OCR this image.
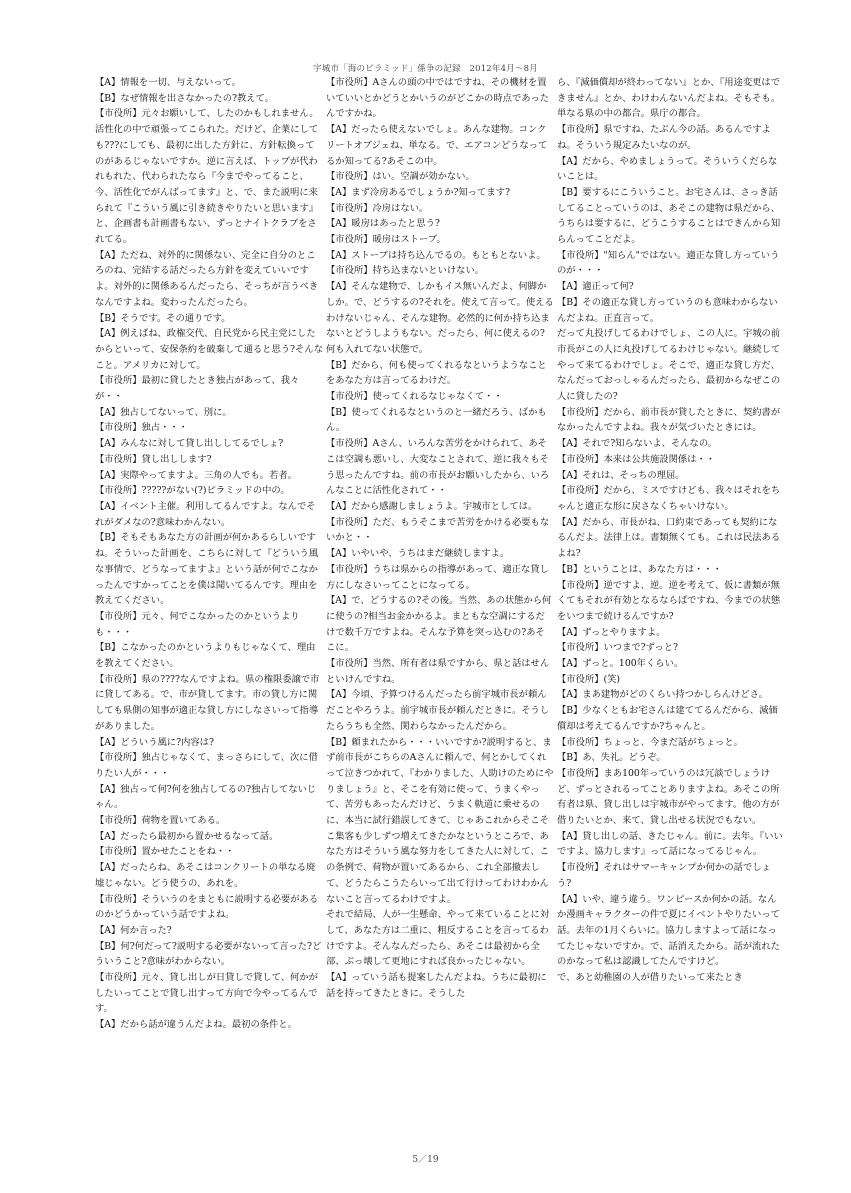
宇城市「海のピラミッド」係争の記録　2012年4月〜8月

【A】情報を一切、与えないって。

【B】なぜ情報を出さなかったの?教えて。

【市役所】元々お願いして、したのかもしれません。活性化の中で頑張ってこられた。だけど、企業にしても???にしても、最初に出した方針に、方針転換ってのがあるじゃないですか。逆に言えば、トップが代われもれた、代わられたなら『今までやってること、今、活性化でがんばってます』と、で、また説明に来られて『こういう風に引き続きやりたいと思います』と、企画書も計画書もない、ずっとナイトクラブをされてる。

【A】ただね、対外的に関係ない、完全に自分のところのね、完結する話だったら方針を変えていいですよ。対外的に関係あるんだったら、そっちが言うべきなんですよね。変わったんだったら。

【B】そうです。その通りです。

【A】例えばね、政権交代、自民党から民主党にしたからといって、安保条約を破棄して通ると思う?そんなこと。アメリカに対して。

【市役所】最初に貸したとき独占があって、我々が・・

【A】独占してないって、別に。

【市役所】独占・・・

【A】みんなに対して貸し出ししてるでしょ?

【市役所】貸し出しします?

【A】実際やってますよ。三角の人でも。若者。

【市役所】?????がない(?)ピラミッドの中の。

【A】イベント主催。利用してるんですよ。なんでそれがダメなの?意味わかんない。

【B】そもそもあなた方の計画が何かあるらしいですね。そういった計画を、こちらに対して『どういう風な事情で、どうなってますよ』という話が何でこなかったんですかってことを僕は聞いてるんです。理由を教えてください。

【市役所】元々、何でこなかったのかというよりも・・・

【B】こなかったのかというよりもじゃなくて、理由を教えてください。

【市役所】県の????なんですよね。県の権限委譲で市に貸してある。で、市が貸してます。市の貸し方に関しても県側の知事が適正な貸し方にしなさいって指導がありました。

【A】どういう風に?内容は?

【市役所】独占じゃなくて、まっさらにして、次に借りたい人が・・・

【A】独占って何?何を独占してるの?独占してないじゃん。

【市役所】荷物を置いてある。

【A】だったら最初から置かせるなって話。

【市役所】置かせたことをね・・

【A】だったらね、あそこはコンクリートの単なる廃墟じゃない。どう使うの、あれを。

【市役所】そういうのをまともに説明する必要があるのかどうかっていう話ですよね。

【A】何か言った?

【B】何?何だって?説明する必要がないって言った?どういうこと?意味がわからない。

【市役所】元々、貸し出しが日貸しで貸して、何かがしたいってことで貸し出すって方向で今やってるんです。

【A】だから話が違うんだよね。最初の条件と。

【市役所】Aさんの頭の中ではですね、その機材を置いていいとかどうとかいうのがどこかの時点であったんですかね。

【A】だったら使えないでしょ。あんな建物。コンクリートオブジェね、単なる。で、エアコンどうなってるか知ってる?あそこの中。

【市役所】はい。空調が効かない。

【A】まず冷房あるでしょうか?知ってます?

【市役所】冷房はない。

【A】暖房はあったと思う?

【市役所】暖房はストーブ。

【A】ストーブは持ち込んでるの。もともとないよ。

【市役所】持ち込まないといけない。

【A】そんな建物で、しかもイス無いんだよ、何脚かしか。で、どうするの?それを。使えて言って。使えるわけないじゃん、そんな建物。必然的に何か持ち込まないとどうしようもない。だったら、何に使えるの?何も入れてない状態で。

【B】だから、何も使ってくれるなというようなことをあなた方は言ってるわけだ。

【市役所】使ってくれるなじゃなくて・・

【B】使ってくれるなというのと一緒だろう、ばかもん。

【市役所】Aさん、いろんな苦労をかけられて、あそこは空調も悪いし、大変なことされて、逆に我々もそう思ったんですね。前の市長がお願いしたから、いろんなことに活性化されて・・

【A】だから感謝しましょうよ。宇城市としては。

【市役所】ただ、もうそこまで苦労をかける必要もないかと・・

【A】いやいや、うちはまだ継続しますよ。

【市役所】うちは県からの指導があって、適正な貸し方にしなさいってことになってる。

【A】で、どうするの?その後。当然、あの状態から何に使うの?相当お金かかるよ。まともな空調にするだけで数千万ですよね。そんな予算を突っ込むの?あそこに。

【市役所】当然、所有者は県ですから、県と話はせんといけんですね。

【A】今頃、予算つけるんだったら前宇城市長が頼んだことやろうよ。前宇城市長が頼んだときに。そうしたらうちも全然、関わらなかったんだから。

【B】頼まれたから・・・いいですか?説明すると、まず前市長がこちらのAさんに頼んで、何とかしてくれって泣きつかれて、『わかりました、人助けのためにやりましょう』と、そこを有効に使って、うまくやって、苦労もあったんだけど、うまく軌道に乗せるのに、本当に試行錯誤してきて、じゃあこれからそこそこ集客も少しずつ増えてきたかなというところで、あなた方はそういう風な努力をしてきた人に対して、この条例で、荷物が置いてあるから、これ全部撤去して、どうたらこうたらいって出て行けってわけわかんないこと言ってるわけですよ。

それで結局、人が一生懸命、やって来ていることに対して、あなた方は二重に、粗反することを言ってるわけですよ。そんなんだったら、あそこは最初から全部、ぶっ壊して更地にすれば良かったじゃない。

【A】っていう話も提案したんだよね。うちに最初に話を持ってきたときに。そうした

ら、『減価償却が終わってない』とか、『用途変更はできません』とか、わけわんないんだよね。そもそも。単なる県の中の都合。県庁の都合。

【市役所】県ですね、たぶん今の話。あるんですよね。そういう規定みたいなのが。

【A】だから、やめましょうって。そういうくだらないことは。

【B】要するにこういうこと。お宅さんは、さっき話してることっていうのは、あそこの建物は県だから、うちらは要するに、どうこうすることはできんから知らんってことだよ。

【市役所】"知らん"ではない。適正な貸し方っていうのが・・・

【A】適正って何?

【B】その適正な貸し方っていうのも意味わからないんだよね。正直言って。

だって丸投げしてるわけでしょ、この人に。宇城の前市長がこの人に丸投げしてるわけじゃない。継続してやって来てるわけでしょ。そこで、適正な貸し方だ、なんだっておっしゃるんだったら、最初からなぜこの人に貸したの?

【市役所】だから、前市長が貸したときに、契約書がなかったんですよね。我々が気づいたときには。

【A】それで?知らないよ、そんなの。

【市役所】本来は公共施設関係は・・

【A】それは、そっちの理屈。

【市役所】だから、ミスですけども、我々はそれをちゃんと適正な形に戻さなくちゃいけない。

【A】だから、市長がね、口約束であっても契約になるんだよ。法律上は。書類無くても。これは民法あるよね?

【B】ということは、あなた方は・・・

【市役所】逆ですよ、逆。逆を考えて、仮に書類が無くてもそれが有効となるならばですね、今までの状態をいつまで続けるんですか?

【A】ずっとやりますよ。

【市役所】いつまで?ずっと?

【A】ずっと。100年くらい。

【市役所】(笑)

【A】まあ建物がどのくらい持つかしらんけどさ。

【B】少なくともお宅さんは建ててるんだから、減価償却は考えてるんですか?ちゃんと。

【市役所】ちょっと、今まだ話がちょっと。

【B】あ、失礼。どうぞ。

【市役所】まあ100年っていうのは冗談でしょうけど、ずっとされるってことありますよね。あそこの所有者は県、貸し出しは宇城市がやってます。他の方が借りたいとか、来て、貸し出せる状況でもない。

【A】貸し出しの話、きたじゃん。前に。去年。『いいですよ、協力します』って話になってるじゃん。

【市役所】それはサマーキャンプか何かの話でしょう?

【A】いや、違う違う。ワンピースか何かの話。なんか漫画キャラクターの件で夏にイベントやりたいって話。去年の1月くらいに。協力しますよって話になってたじゃないですか。で、話消えたから。話が流れたのかなって私は認識してたんですけど。

で、あと幼稚園の人が借りたいって来たとき

5／19
